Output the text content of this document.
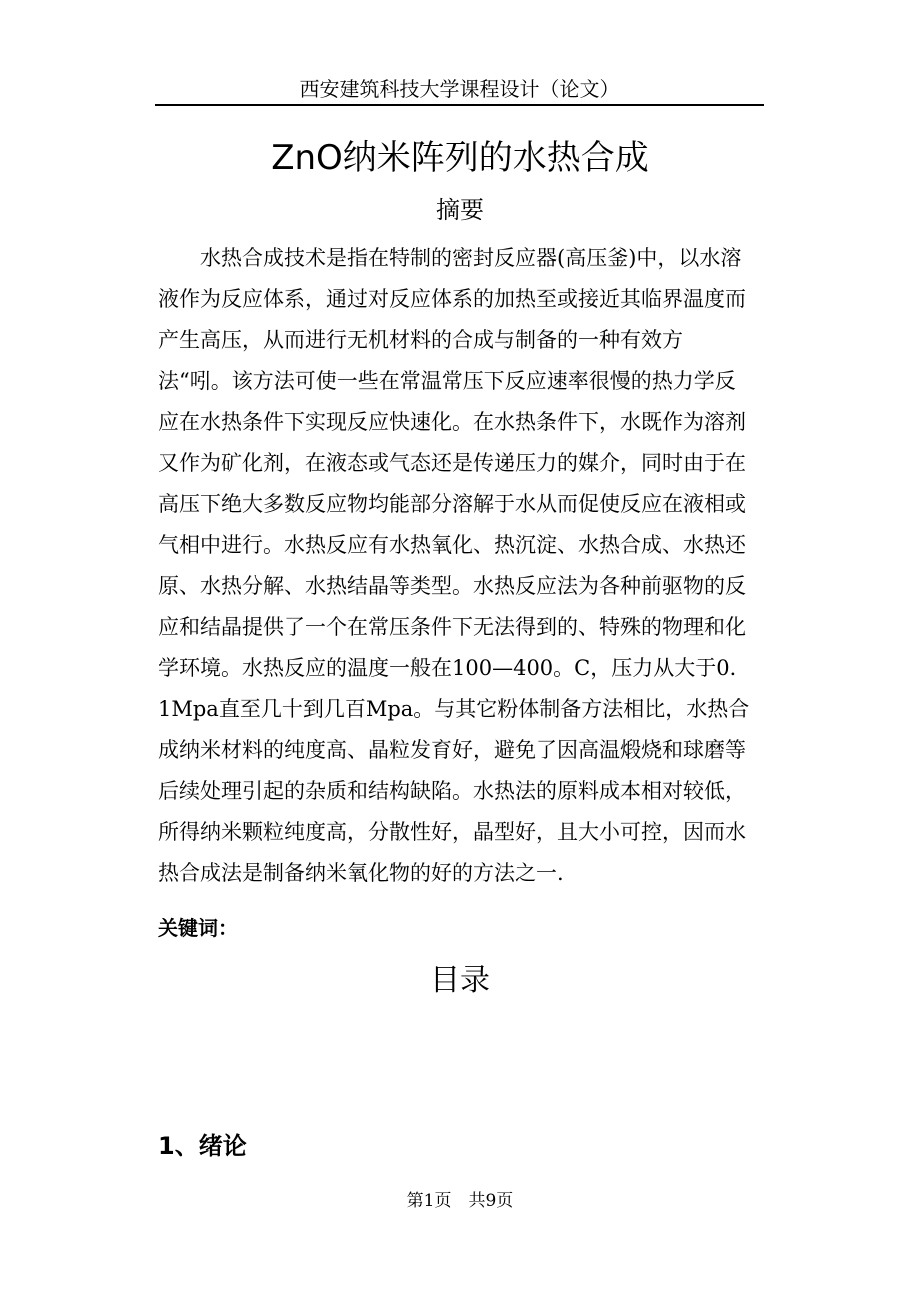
西安建筑科技大学课程设计（论文）
ZnO纳米阵列的水热合成
摘要

水热合成技术是指在特制的密封反应器(高压釜)中，以水溶液作为反应体系，通过对反应体系的加热至或接近其临界温度而产生高压，从而进行无机材料的合成与制备的一种有效方法“吲。该方法可使一些在常温常压下反应速率很慢的热力学反应在水热条件下实现反应快速化。在水热条件下，水既作为溶剂又作为矿化剂，在液态或气态还是传递压力的媒介，同时由于在高压下绝大多数反应物均能部分溶解于水从而促使反应在液相或气相中进行。水热反应有水热氧化、热沉淀、水热合成、水热还原、水热分解、水热结晶等类型。水热反应法为各种前驱物的反应和结晶提供了一个在常压条件下无法得到的、特殊的物理和化学环境。水热反应的温度一般在100—400。C，压力从大于0．1Mpa直至几十到几百Mpa。与其它粉体制备方法相比，水热合成纳米材料的纯度高、晶粒发育好，避免了因高温煅烧和球磨等后续处理引起的杂质和结构缺陷。水热法的原料成本相对较低，所得纳米颗粒纯度高，分散性好，晶型好，且大小可控，因而水热合成法是制备纳米氧化物的好的方法之一.

关键词：
目录
1、绪论
第1页　共9页
